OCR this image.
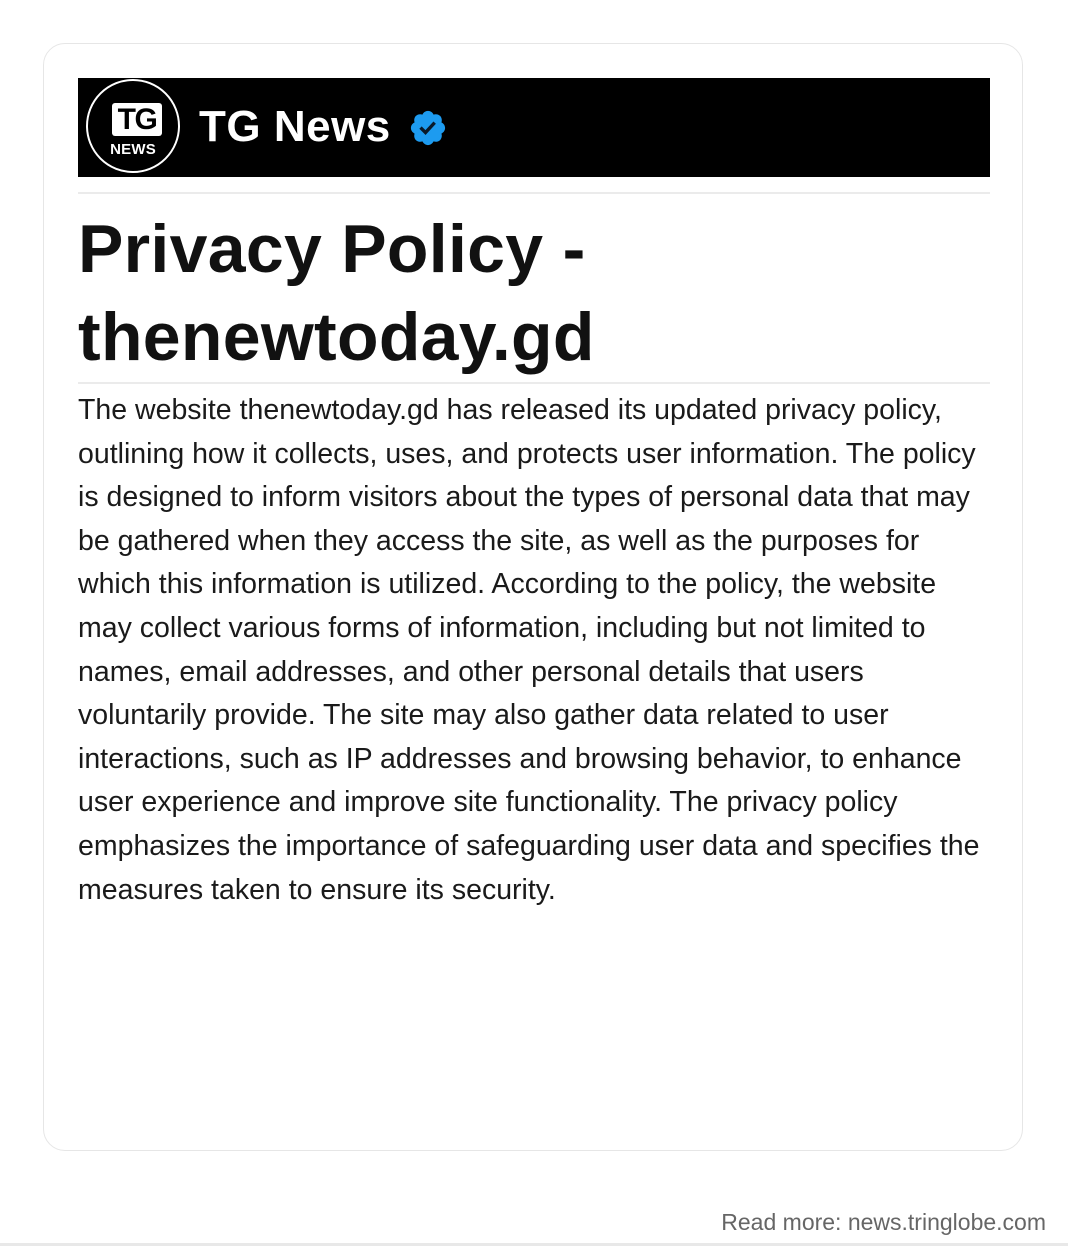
TG
NEWS TG News
Privacy Policy - thenewtoday.gd

The website thenewtoday.gd has released its updated privacy policy, outlining how it collects, uses, and protects user information. The policy is designed to inform visitors about the types of personal data that may be gathered when they access the site, as well as the purposes for which this information is utilized. According to the policy, the website may collect various forms of information, including but not limited to names, email addresses, and other personal details that users voluntarily provide. The site may also gather data related to user interactions, such as IP addresses and browsing behavior, to enhance user experience and improve site functionality. The privacy policy emphasizes the importance of safeguarding user data and specifies the measures taken to ensure its security.

Read more: news.tringlobe.com
